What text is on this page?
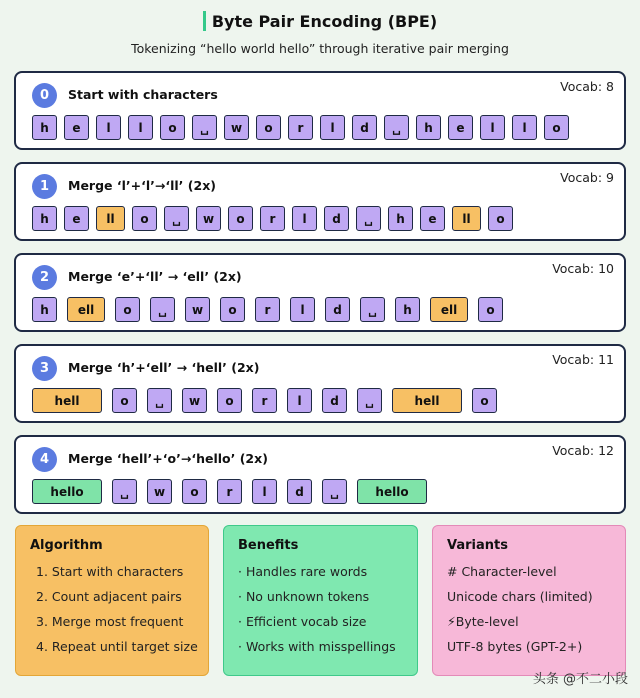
Byte Pair Encoding (BPE)
Tokenizing “hello world hello” through iterative pair merging
0	Start with characters
Vocab: 8
h	e	l	l	o	␣	w	o	r	l	d	␣	h	e	l	l	o
1	Merge ‘l’+‘l’→‘ll’ (2x)
Vocab: 9
h	e	ll	o	␣	w	o	r	l	d	␣	h	e	ll	o
2	Merge ‘e’+‘ll’ → ‘ell’ (2x)
Vocab: 10
h	ell	o	␣	w	o	r	l	d	␣	h	ell	o
3	Merge ‘h’+‘ell’ → ‘hell’ (2x)
Vocab: 11
hell	o	␣	w	o	r	l	d	␣	hell	o
4	Merge ‘hell’+‘o’→‘hello’ (2x)
Vocab: 12
hello	␣	w	o	r	l	d	␣	hello
Algorithm
1. Start with characters
2. Count adjacent pairs
3. Merge most frequent
4. Repeat until target size
Benefits
· Handles rare words
· No unknown tokens
· Efficient vocab size
· Works with misspellings
Variants
# Character-level
Unicode chars (limited)
⚡Byte-level
UTF-8 bytes (GPT-2+)
头条 @不二小段
